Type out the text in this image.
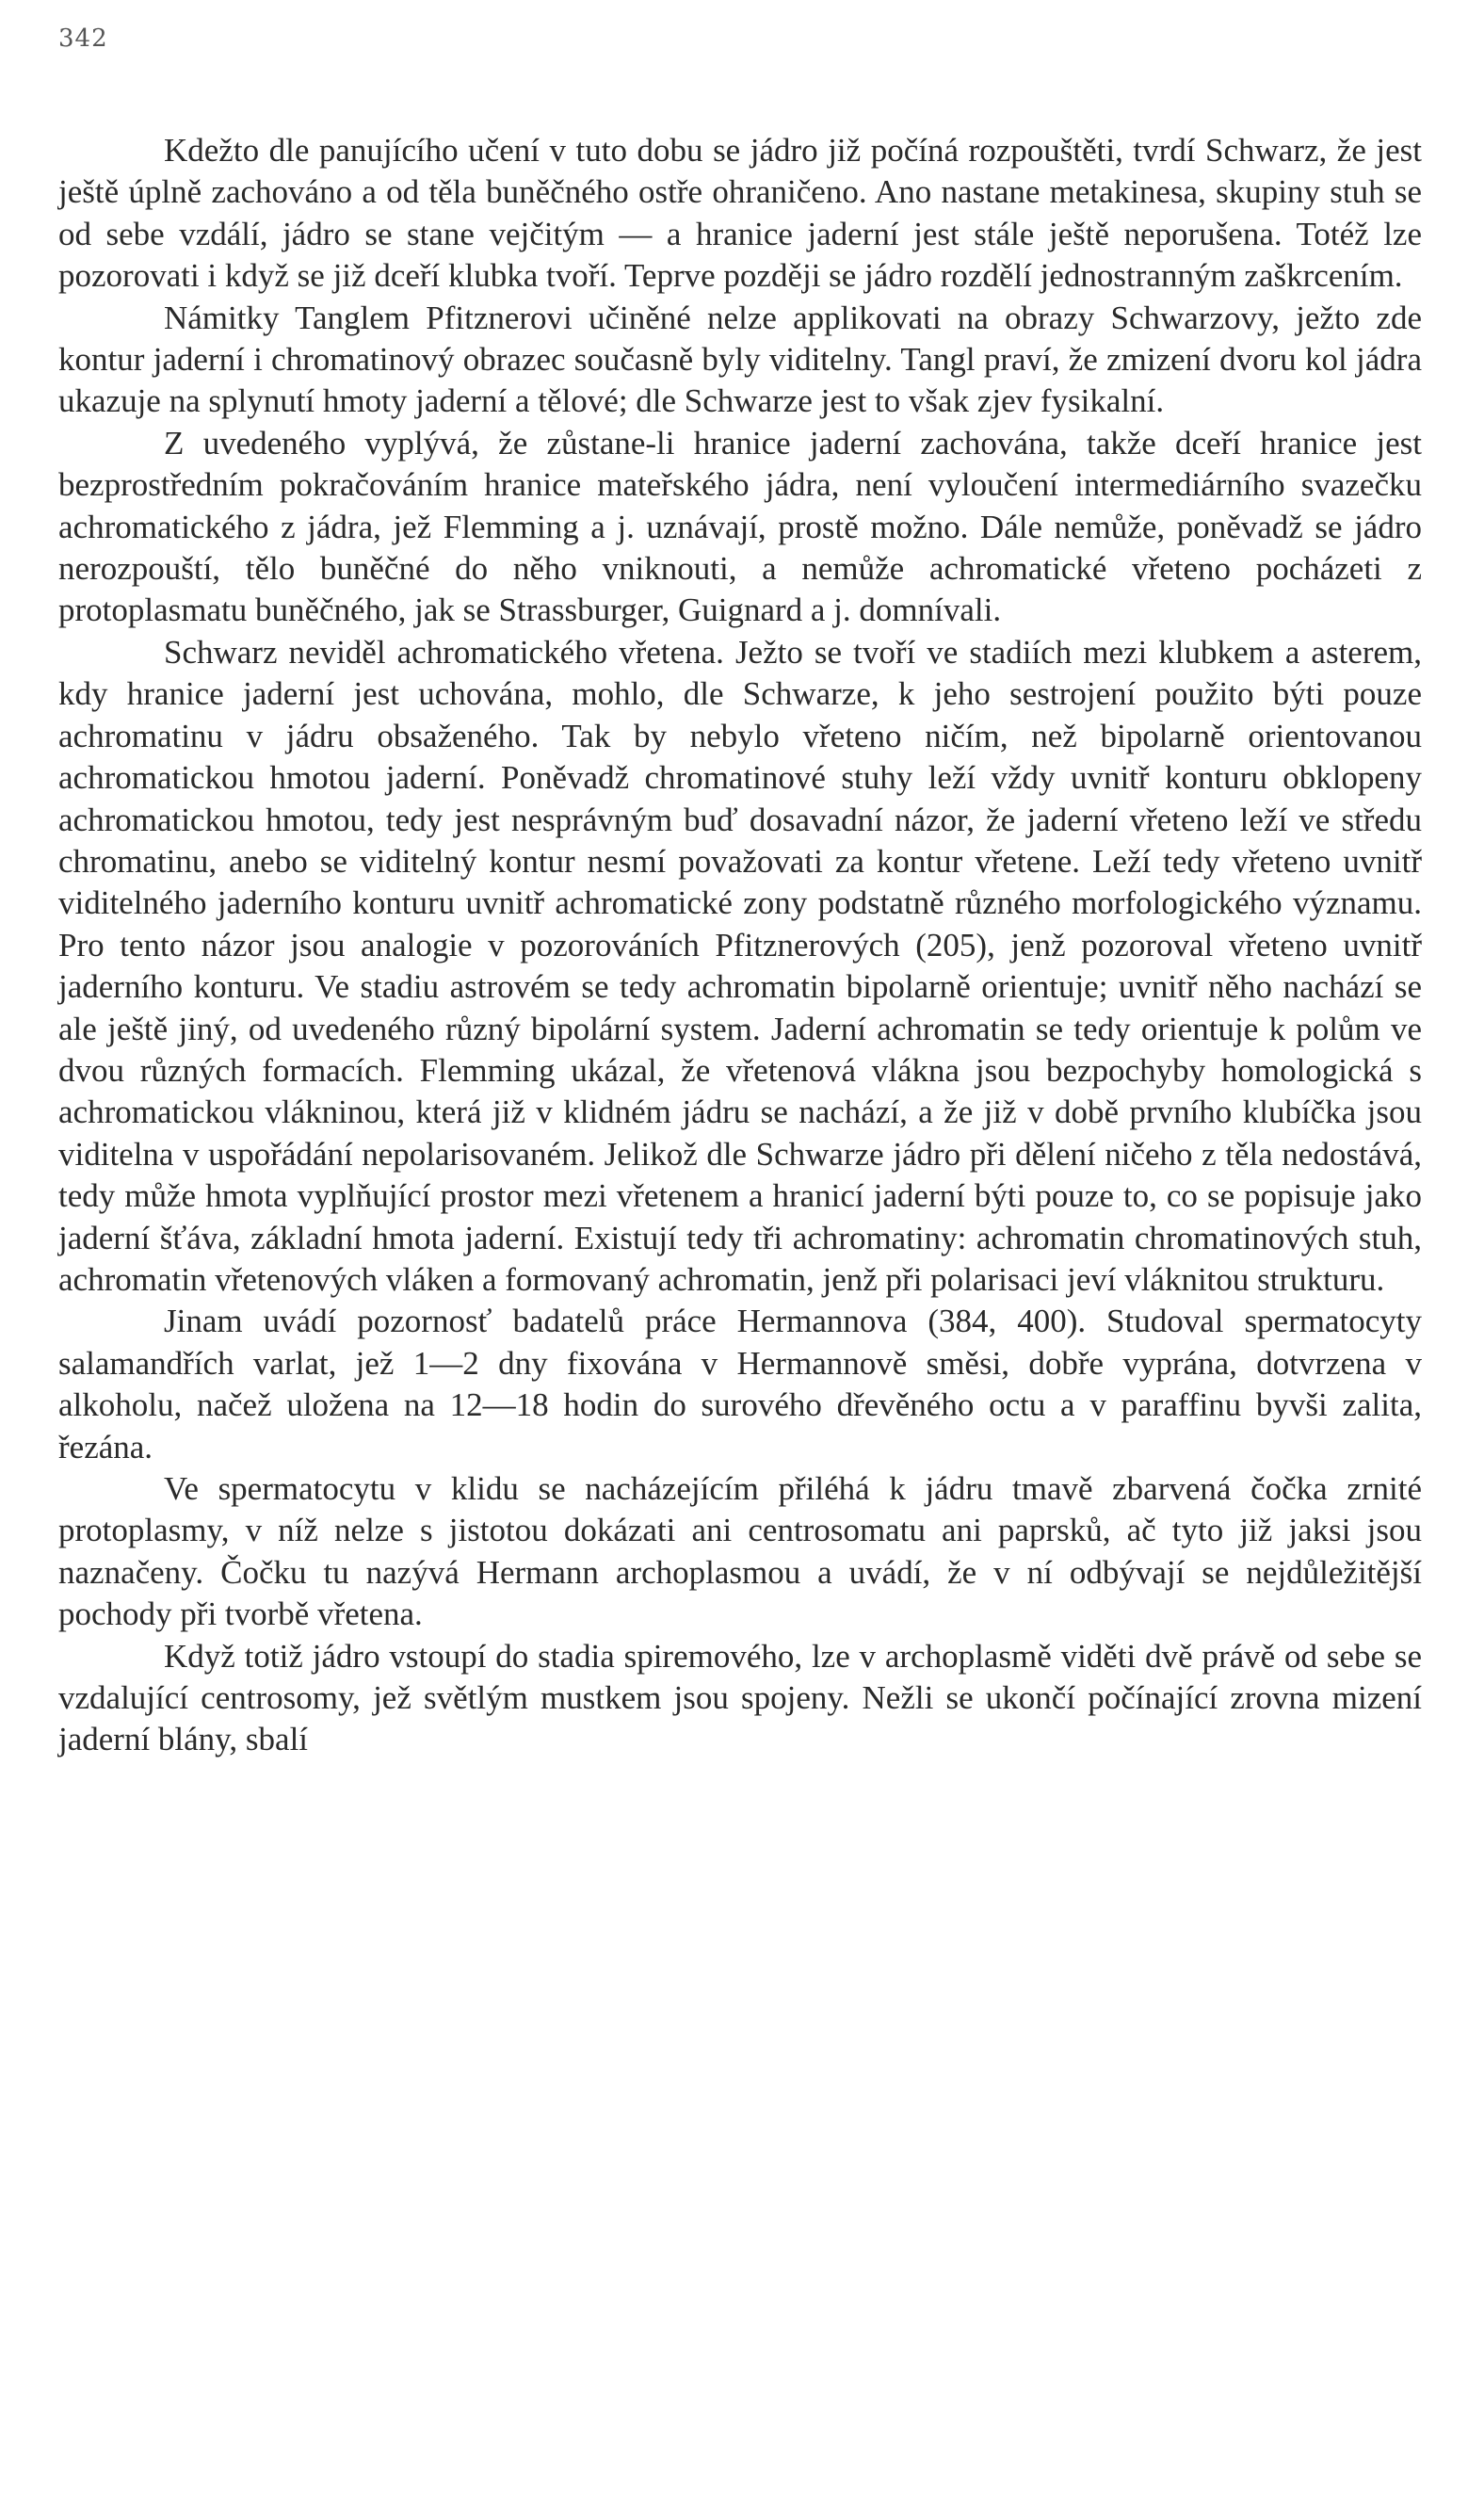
342

Kdežto dle panujícího učení v tuto dobu se jádro již počíná rozpouštěti, tvrdí Schwarz, že jest ještě úplně zachováno a od těla buněčného ostře ohraničeno. Ano nastane metakinesa, skupiny stuh se od sebe vzdálí, jádro se stane vejčitým — a hranice jaderní jest stále ještě neporušena. Totéž lze pozorovati i když se již dceří klubka tvoří. Teprve později se jádro rozdělí jednostranným zaškrcením.

Námitky Tanglem Pfitznerovi učiněné nelze applikovati na obrazy Schwarzovy, ježto zde kontur jaderní i chromatinový obrazec současně byly viditelny. Tangl praví, že zmizení dvoru kol jádra ukazuje na splynutí hmoty jaderní a tělové; dle Schwarze jest to však zjev fysikalní.

Z uvedeného vyplývá, že zůstane-li hranice jaderní zachována, takže dceří hranice jest bezprostředním pokračováním hranice mateřského jádra, není vyloučení intermediárního svazečku achromatického z jádra, jež Flemming a j. uznávají, prostě možno. Dále nemůže, poněvadž se jádro nerozpouští, tělo buněčné do něho vniknouti, a nemůže achromatické vřeteno pocházeti z protoplasmatu buněčného, jak se Strassburger, Guignard a j. domnívali.

Schwarz neviděl achromatického vřetena. Ježto se tvoří ve stadiích mezi klubkem a asterem, kdy hranice jaderní jest uchována, mohlo, dle Schwarze, k jeho sestrojení použito býti pouze achromatinu v jádru obsaženého. Tak by nebylo vřeteno ničím, než bipolarně orientovanou achromatickou hmotou jaderní. Poněvadž chromatinové stuhy leží vždy uvnitř konturu obklopeny achromatickou hmotou, tedy jest nesprávným buď dosavadní názor, že jaderní vřeteno leží ve středu chromatinu, anebo se viditelný kontur nesmí považovati za kontur vřetene. Leží tedy vřeteno uvnitř viditelného jaderního konturu uvnitř achromatické zony podstatně různého morfologického významu. Pro tento názor jsou analogie v pozorováních Pfitznerových (205), jenž pozoroval vřeteno uvnitř jaderního konturu. Ve stadiu astrovém se tedy achromatin bipolarně orientuje; uvnitř něho nachází se ale ještě jiný, od uvedeného různý bipolární system. Jaderní achromatin se tedy orientuje k polům ve dvou různých formacích. Flemming ukázal, že vřetenová vlákna jsou bezpochyby homologická s achromatickou vlákninou, která již v klidném jádru se nachází, a že již v době prvního klubíčka jsou viditelna v uspořádání nepolarisovaném. Jelikož dle Schwarze jádro při dělení ničeho z těla nedostává, tedy může hmota vyplňující prostor mezi vřetenem a hranicí jaderní býti pouze to, co se popisuje jako jaderní šťáva, základní hmota jaderní. Existují tedy tři achromatiny: achromatin chromatinových stuh, achromatin vřetenových vláken a formovaný achromatin, jenž při polarisaci jeví vláknitou strukturu.

Jinam uvádí pozornosť badatelů práce Hermannova (384, 400). Studoval spermatocyty salamandřích varlat, jež 1—2 dny fixována v Hermannově směsi, dobře vyprána, dotvrzena v alkoholu, načež uložena na 12—18 hodin do surového dřevěného octu a v paraffinu byvši zalita, řezána.

Ve spermatocytu v klidu se nacházejícím přiléhá k jádru tmavě zbarvená čočka zrnité protoplasmy, v níž nelze s jistotou dokázati ani centrosomatu ani paprsků, ač tyto již jaksi jsou naznačeny. Čočku tu nazývá Hermann archoplasmou a uvádí, že v ní odbývají se nejdůležitější pochody při tvorbě vřetena.

Když totiž jádro vstoupí do stadia spiremového, lze v archoplasmě viděti dvě právě od sebe se vzdalující centrosomy, jež světlým mustkem jsou spojeny. Nežli se ukončí počínající zrovna mizení jaderní blány, sbalí
